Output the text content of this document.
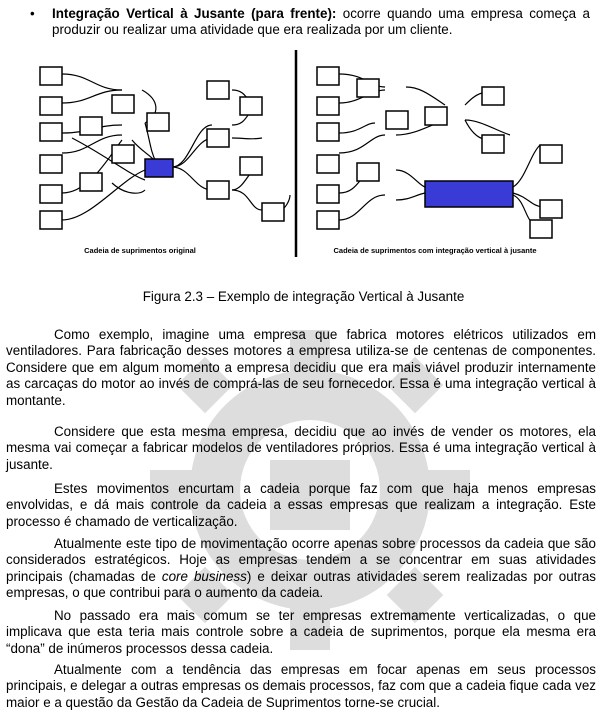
• Integração Vertical à Jusante (para frente): ocorre quando uma empresa começa a produzir ou realizar uma atividade que era realizada por um cliente.
Cadeia de suprimentos original	Cadeia de suprimentos com integração vertical à jusante
Figura 2.3 – Exemplo de integração Vertical à Jusante

Como exemplo, imagine uma empresa que fabrica motores elétricos utilizados em ventiladores. Para fabricação desses motores a empresa utiliza-se de centenas de componentes. Considere que em algum momento a empresa decidiu que era mais viável produzir internamente as carcaças do motor ao invés de comprá-las de seu fornecedor. Essa é uma integração vertical à montante.

Considere que esta mesma empresa, decidiu que ao invés de vender os motores, ela mesma vai começar a fabricar modelos de ventiladores próprios. Essa é uma integração vertical à jusante.

Estes movimentos encurtam a cadeia porque faz com que haja menos empresas envolvidas, e dá mais controle da cadeia a essas empresas que realizam a integração. Este processo é chamado de verticalização.

Atualmente este tipo de movimentação ocorre apenas sobre processos da cadeia que são considerados estratégicos. Hoje as empresas tendem a se concentrar em suas atividades principais (chamadas de core business) e deixar outras atividades serem realizadas por outras empresas, o que contribui para o aumento da cadeia.

No passado era mais comum se ter empresas extremamente verticalizadas, o que implicava que esta teria mais controle sobre a cadeia de suprimentos, porque ela mesma era “dona” de inúmeros processos dessa cadeia.

Atualmente com a tendência das empresas em focar apenas em seus processos principais, e delegar a outras empresas os demais processos, faz com que a cadeia fique cada vez maior e a questão da Gestão da Cadeia de Suprimentos torne-se crucial.
